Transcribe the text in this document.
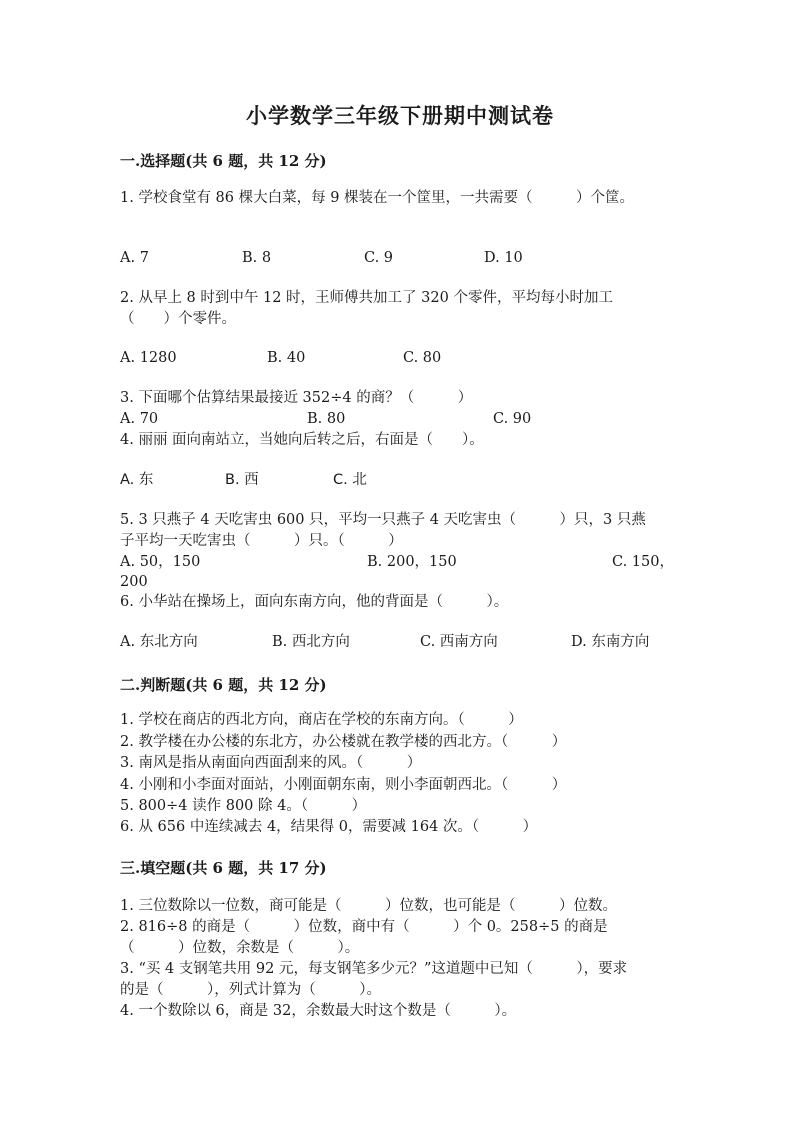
小学数学三年级下册期中测试卷
一.选择题(共 6 题，共 12 分)
1. 学校食堂有 86 棵大白菜，每 9 棵装在一个筐里，一共需要（　　　）个筐。
A. 7	B. 8	C. 9	D. 10
2. 从早上 8 时到中午 12 时，王师傅共加工了 320 个零件，平均每小时加工
（　　）个零件。
A. 1280	B. 40	C. 80
3. 下面哪个估算结果最接近 352÷4 的商？（　　　）
A. 70	B. 80	C. 90
4. 丽丽 面向南站立，当她向后转之后，右面是（　　）。
A. 东	B. 西	C. 北
5. 3 只燕子 4 天吃害虫 600 只，平均一只燕子 4 天吃害虫（　　　）只，3 只燕
子平均一天吃害虫（　　　）只。（　　　）
A. 50，150	B. 200，150	C. 150，
200
6. 小华站在操场上，面向东南方向，他的背面是（　　　）。
A. 东北方向	B. 西北方向	C. 西南方向	D. 东南方向
二.判断题(共 6 题，共 12 分)
1. 学校在商店的西北方向，商店在学校的东南方向。（　　　）
2. 教学楼在办公楼的东北方，办公楼就在教学楼的西北方。（　　　）
3. 南风是指从南面向西面刮来的风。（　　　）
4. 小刚和小李面对面站，小刚面朝东南，则小李面朝西北。（　　　）
5. 800÷4 读作 800 除 4。（　　　）
6. 从 656 中连续减去 4，结果得 0，需要减 164 次。（　　　）
三.填空题(共 6 题，共 17 分)
1. 三位数除以一位数，商可能是（　　　）位数，也可能是（　　　）位数。
2. 816÷8 的商是（　　　）位数，商中有（　　　）个 0。258÷5 的商是
（　　　）位数，余数是（　　　）。
3. “买 4 支钢笔共用 92 元，每支钢笔多少元？”这道题中已知（　　　），要求
的是（　　　），列式计算为（　　　）。
4. 一个数除以 6，商是 32，余数最大时这个数是（　　　）。
